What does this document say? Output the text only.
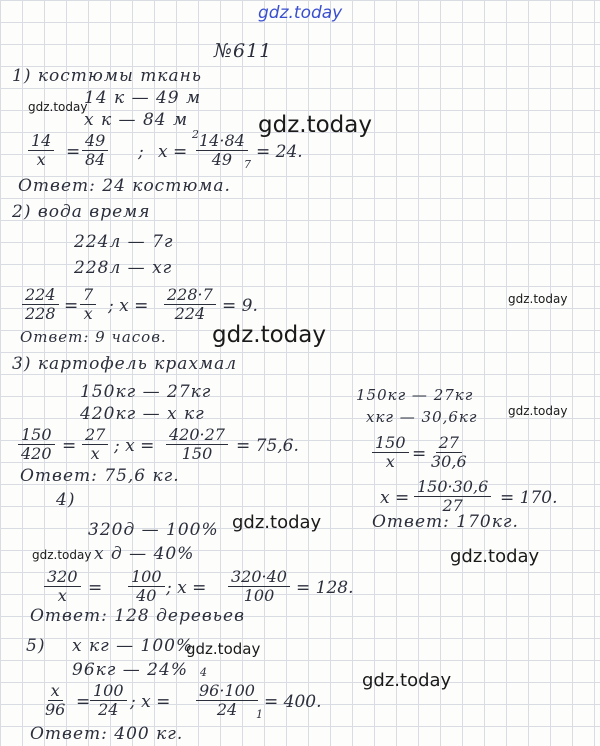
gdz.today
№611
1) костюмы ткань
14 к — 49 м
х к — 84 м
$\frac{14}{x} = \frac{49}{84}$ ; x =
2
$\frac{14\cdot 84}{49}$
7
= 24.
Ответ: 24 костюма.
2) вода время
224л — 7г
228л — хг
$\frac{224}{228} = \frac{7}{x}$ ; $x = \frac{228\cdot 7}{224} = 9$.
Ответ: 9 часов.
3) картофель крахмал
150кг — 27кг
420кг — х кг
$\frac{150}{420} = \frac{27}{x}$ ; $x = \frac{420\cdot 27}{150} = 75,6$.
Ответ: 75,6 кг.
150кг — 27кг
хкг — 30,6кг
$\frac{150}{x} = \frac{27}{30,6}$
$x = \frac{150\cdot 30,6}{27} = 170$.
Ответ: 170кг.
4)
320д — 100%
х д — 40%
$\frac{320}{x} = \frac{100}{40}$ ; $x = \frac{320\cdot 40}{100} = 128$.
Ответ: 128 деревьев
5) х кг — 100%
96кг — 24%
$\frac{x}{96} = \frac{100}{24}$ ; x =
4
$\frac{96\cdot 100}{24}$
1
= 400.
Ответ: 400 кг.
gdz.today
gdz.today
gdz.today
gdz.today
gdz.today
gdz.today
gdz.today	gdz.today
gdz.today
gdz.today
